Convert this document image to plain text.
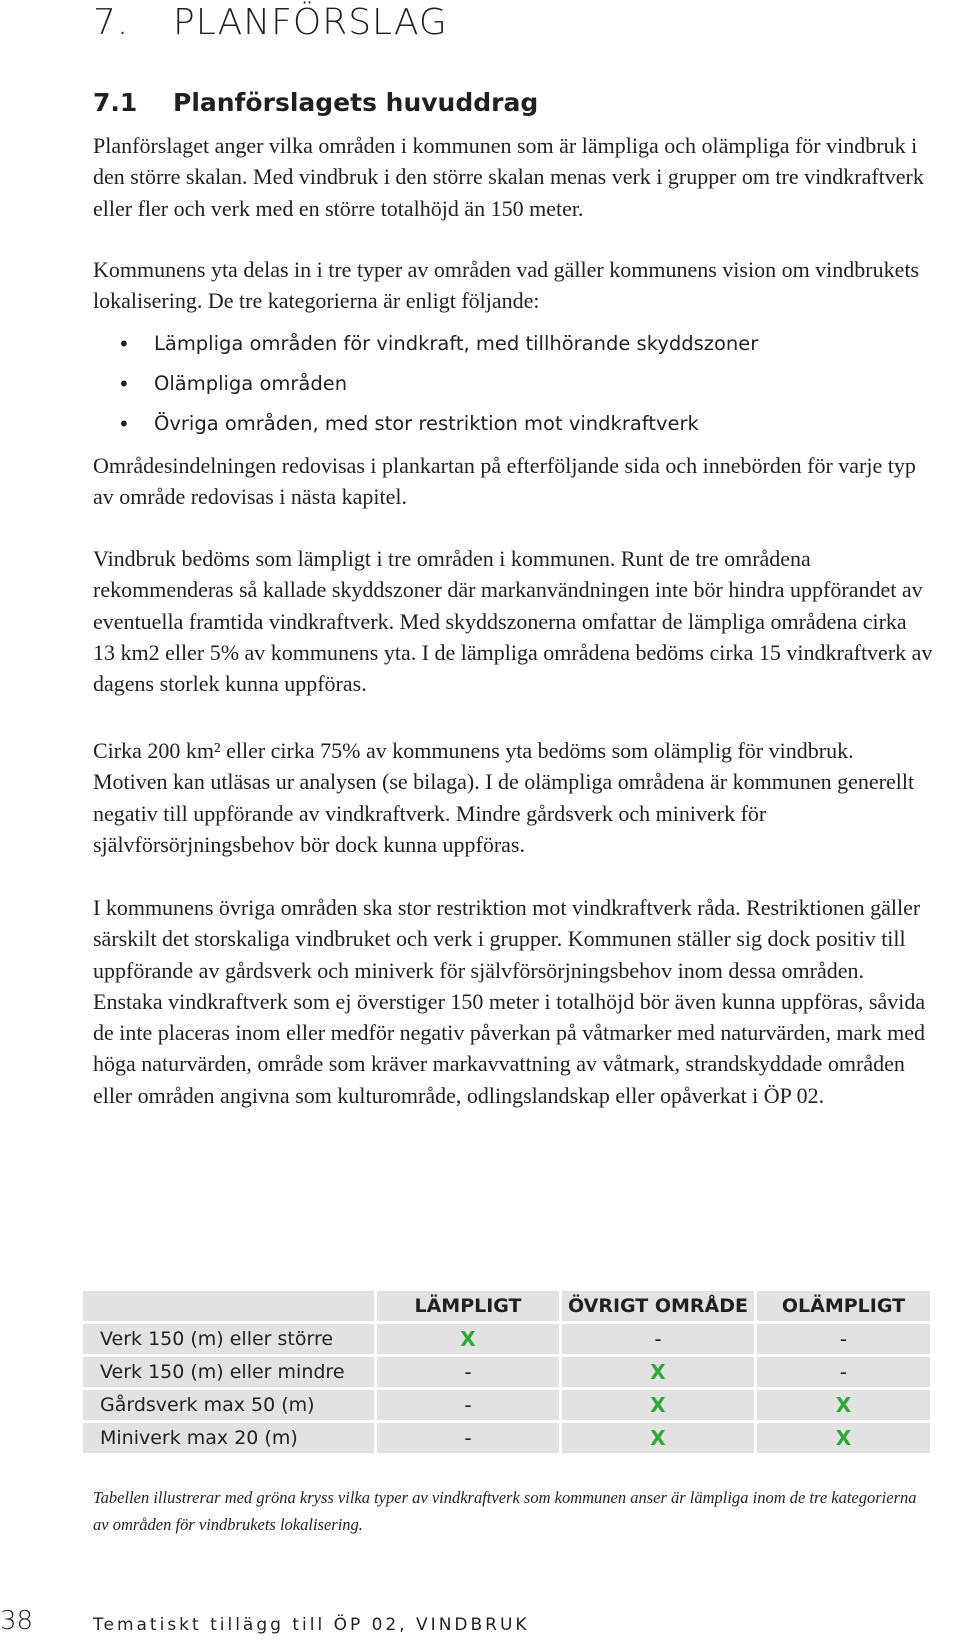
7. PLANFÖRSLAG
7.1 Planförslagets huvuddrag

Planförslaget anger vilka områden i kommunen som är lämpliga och olämpliga för vindbruk i den större skalan. Med vindbruk i den större skalan menas verk i grupper om tre vindkraftverk eller fler och verk med en större totalhöjd än 150 meter.

Kommunens yta delas in i tre typer av områden vad gäller kommunens vision om vindbrukets lokalisering. De tre kategorierna är enligt följande:

• Lämpliga områden för vindkraft, med tillhörande skyddszoner
• Olämpliga områden
• Övriga områden, med stor restriktion mot vindkraftverk

Områdesindelningen redovisas i plankartan på efterföljande sida och innebörden för varje typ av område redovisas i nästa kapitel.

Vindbruk bedöms som lämpligt i tre områden i kommunen. Runt de tre områdena rekommenderas så kallade skyddszoner där markanvändningen inte bör hindra uppförandet av eventuella framtida vindkraftverk. Med skyddszonerna omfattar de lämpliga områdena cirka 13 km2 eller 5% av kommunens yta. I de lämpliga områdena bedöms cirka 15 vindkraftverk av dagens storlek kunna uppföras.

Cirka 200 km² eller cirka 75% av kommunens yta bedöms som olämplig för vindbruk. Motiven kan utläsas ur analysen (se bilaga). I de olämpliga områdena är kommunen generellt negativ till uppförande av vindkraftverk. Mindre gårdsverk och miniverk för självförsörjningsbehov bör dock kunna uppföras.

I kommunens övriga områden ska stor restriktion mot vindkraftverk råda. Restriktionen gäller särskilt det storskaliga vindbruket och verk i grupper. Kommunen ställer sig dock positiv till uppförande av gårdsverk och miniverk för självförsörjningsbehov inom dessa områden. Enstaka vindkraftverk som ej överstiger 150 meter i totalhöjd bör även kunna uppföras, såvida de inte placeras inom eller medför negativ påverkan på våtmarker med naturvärden, mark med höga naturvärden, område som kräver markavvattning av våtmark, strandskyddade områden eller områden angivna som kulturområde, odlingslandskap eller opåverkat i ÖP 02.

	LÄMPLIGT	ÖVRIGT OMRÅDE	OLÄMPLIGT
Verk 150 (m) eller större	X	-	-
Verk 150 (m) eller mindre	-	X	-
Gårdsverk max 50 (m)	-	X	X
Miniverk max 20 (m)	-	X	X
Tabellen illustrerar med gröna kryss vilka typer av vindkraftverk som kommunen anser är lämpliga inom de tre kategorierna av områden för vindbrukets lokalisering.
38	Tematiskt tillägg till ÖP 02, VINDBRUK
